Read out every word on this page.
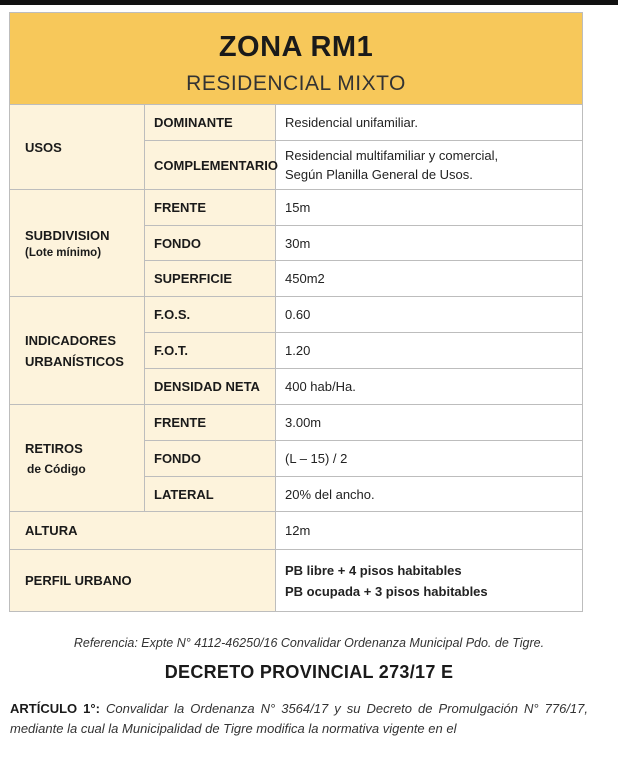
ZONA RM1
RESIDENCIAL MIXTO		

USOS	DOMINANTE	Residencial unifamiliar.
	COMPLEMENTARIO	Residencial multifamiliar y comercial,
Según Planilla General de Usos.

SUBDIVISION
(Lote mínimo)	FRENTE	15m
	FONDO	30m
	SUPERFICIE	450m2

INDICADORES
URBANÍSTICOS	F.O.S.	0.60
	F.O.T.	1.20
	DENSIDAD NETA	400 hab/Ha.
RETIROS
de Código	FRENTE	3.00m
	FONDO	(L – 15) / 2
	LATERAL	20% del ancho.
ALTURA		12m
PERFIL URBANO		PB libre + 4 pisos habitables
PB ocupada + 3 pisos habitables
Referencia: Expte N° 4112-46250/16 Convalidar Ordenanza Municipal Pdo. de Tigre.
DECRETO PROVINCIAL 273/17 E
ARTÍCULO 1°: Convalidar la Ordenanza N° 3564/17 y su Decreto de Promulgación N° 776/17, mediante la cual la Municipalidad de Tigre modifica la normativa vigente en el
